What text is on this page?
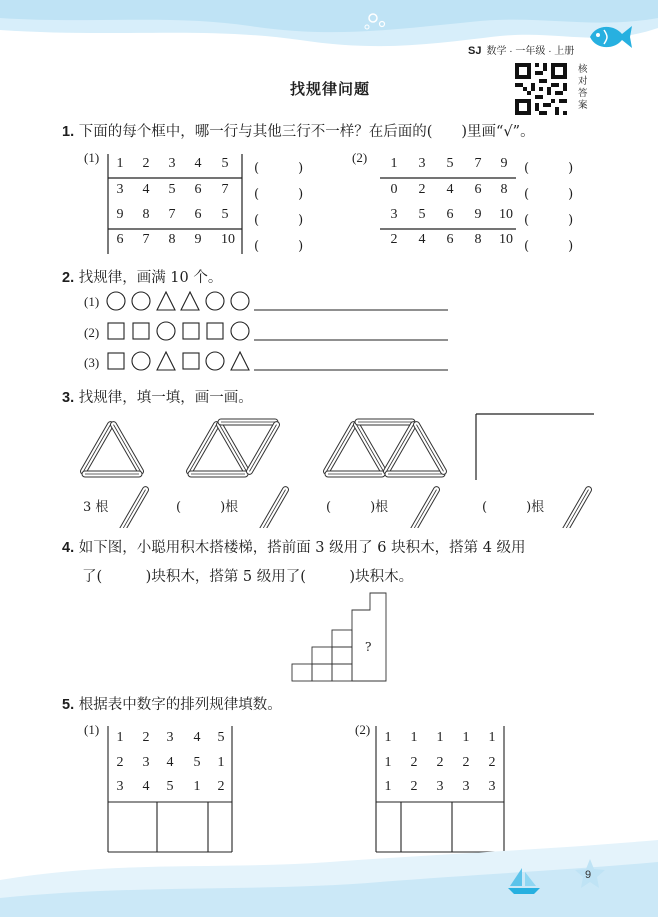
SJ 数学 · 一年级 · 上册
核
对
答
案
找规律问题
1. 下面的每个框中，哪一行与其他三行不一样？在后面的(　　)里画“√”。
(1)	(2)
1	2	3	4	5
3	4	5	6	7
9	8	7	6	5
6	7	8	9	10
(　　　)
(　　　)
(　　　)
(　　　)
1	3	5	7	9
0	2	4	6	8
3	5	6	9	10
2	4	6	8	10
(　　　)
(　　　)
(　　　)
(　　　)
2. 找规律，画满 10 个。
(1)
(2)
(3)
3. 找规律，填一填，画一画。
3 根	(　　　)根	(　　　)根	(　　　)根
4. 如下图，小聪用积木搭楼梯，搭前面 3 级用了 6 块积木，搭第 4 级用
了(　　　)块积木，搭第 5 级用了(　　　)块积木。
?
5. 根据表中数字的排列规律填数。
(1)	(2)
1	2	3	4	5
2	3	4	5	1
3	4	5	1	2
1	1	1	1	1
1	2	2	2	2
1	2	3	3	3
9
